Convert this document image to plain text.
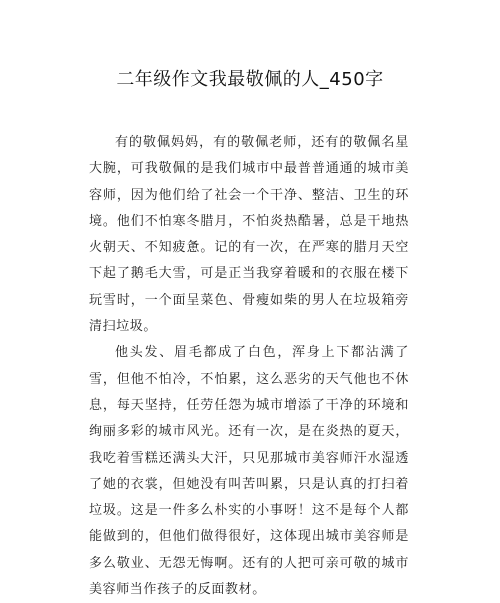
二年级作文我最敬佩的人_450字

有的敬佩妈妈，有的敬佩老师，还有的敬佩名星大腕，可我敬佩的是我们城市中最普普通通的城市美容师，因为他们给了社会一个干净、整洁、卫生的环境。他们不怕寒冬腊月，不怕炎热酷暑，总是干地热火朝天、不知疲惫。记的有一次，在严寒的腊月天空下起了鹅毛大雪，可是正当我穿着暖和的衣服在楼下玩雪时，一个面呈菜色、骨瘦如柴的男人在垃圾箱旁清扫垃圾。

他头发、眉毛都成了白色，浑身上下都沾满了雪，但他不怕冷，不怕累，这么恶劣的天气他也不休息，每天坚持，任劳任怨为城市增添了干净的环境和绚丽多彩的城市风光。还有一次，是在炎热的夏天，我吃着雪糕还满头大汗，只见那城市美容师汗水湿透了她的衣裳，但她没有叫苦叫累，只是认真的打扫着垃圾。这是一件多么朴实的小事呀！这不是每个人都能做到的，但他们做得很好，这体现出城市美容师是多么敬业、无怨无悔啊。还有的人把可亲可敬的城市美容师当作孩子的反面教材。
